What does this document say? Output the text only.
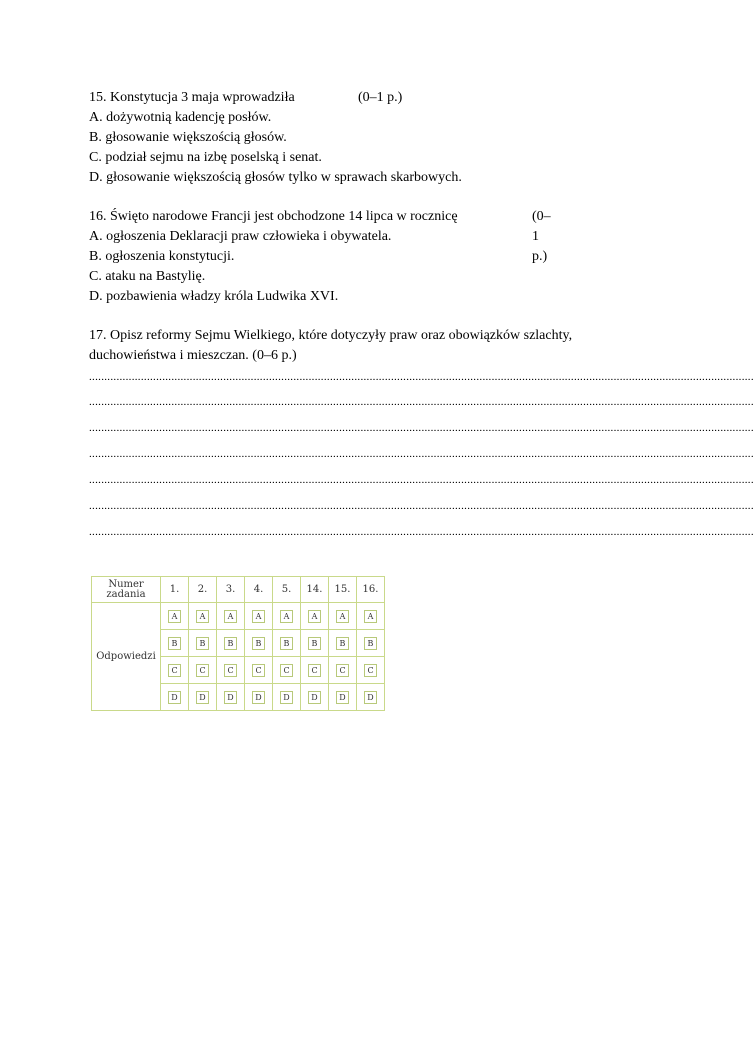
15. Konstytucja 3 maja wprowadziła	(0–1 p.)
A. dożywotnią kadencję posłów.
B. głosowanie większością głosów.
C. podział sejmu na izbę poselską i senat.
D. głosowanie większością głosów tylko w sprawach skarbowych.
16. Święto narodowe Francji jest obchodzone 14 lipca w rocznicę	(0–1 p.)
A. ogłoszenia Deklaracji praw człowieka i obywatela.
B. ogłoszenia konstytucji.
C. ataku na Bastylię.
D. pozbawienia władzy króla Ludwika XVI.
17. Opisz reformy Sejmu Wielkiego, które dotyczyły praw oraz obowiązków szlachty,
duchowieństwa i mieszczan. (0–6 p.)
..........................................................................................................................................................................................................................
..........................................................................................................................................................................................................................
..........................................................................................................................................................................................................................
..........................................................................................................................................................................................................................
..........................................................................................................................................................................................................................
..........................................................................................................................................................................................................................
..........................................................................................................................................................................................................................
Numer
zadania	1.	2.	3.	4.	5.	14.	15.	16.
Odpowiedzi	A	A	A	A	A	A	A	A
	B	B	B	B	B	B	B	B
	C	C	C	C	C	C	C	C
	D	D	D	D	D	D	D	D
